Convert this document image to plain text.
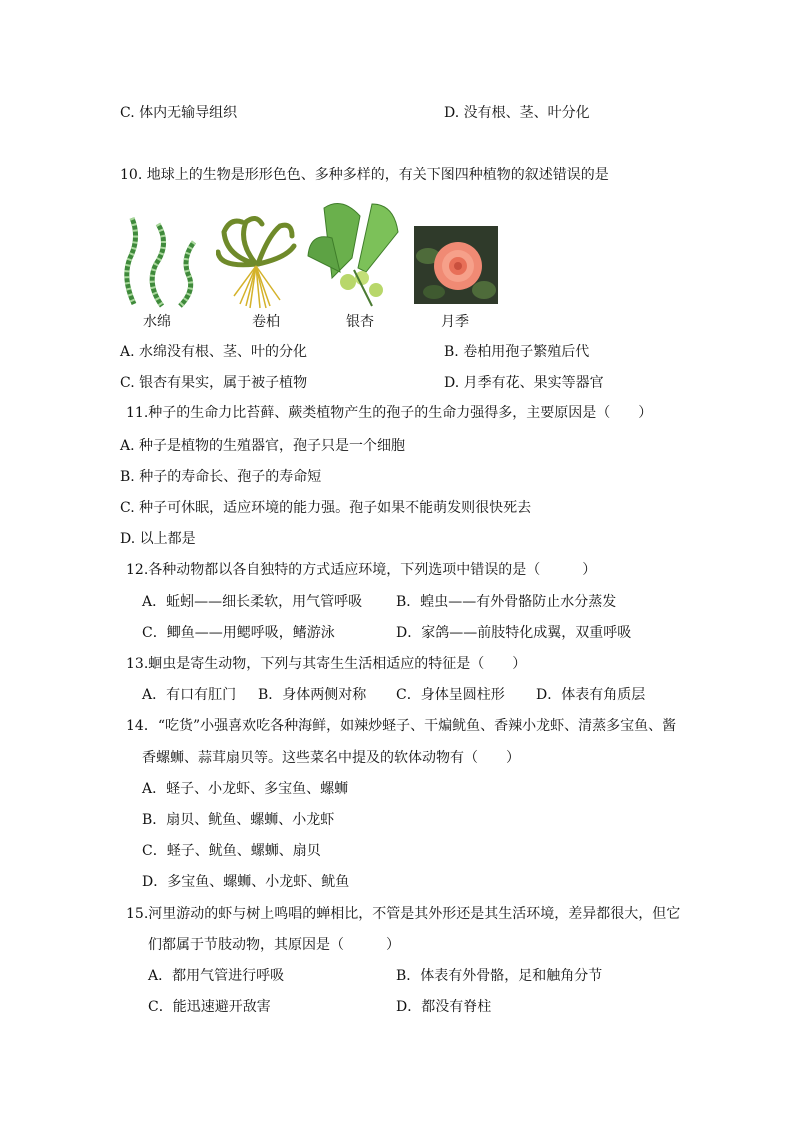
C. 体内无输导组织	D. 没有根、茎、叶分化
10. 地球上的生物是形形色色、多种多样的，有关下图四种植物的叙述错误的是
水绵	卷柏	银杏	月季
A. 水绵没有根、茎、叶的分化	B. 卷柏用孢子繁殖后代
C. 银杏有果实，属于被子植物	D. 月季有花、果实等器官
11.种子的生命力比苔藓、蕨类植物产生的孢子的生命力强得多，主要原因是（　　）
A. 种子是植物的生殖器官，孢子只是一个细胞
B. 种子的寿命长、孢子的寿命短
C. 种子可休眠，适应环境的能力强。孢子如果不能萌发则很快死去
D. 以上都是
12.各种动物都以各自独特的方式适应环境，下列选项中错误的是（　　　）
A．蚯蚓——细长柔软，用气管呼吸 B．蝗虫——有外骨骼防止水分蒸发
C．鲫鱼——用鳃呼吸，鳍游泳	D．家鸽——前肢特化成翼，双重呼吸
13.蛔虫是寄生动物，下列与其寄生生活相适应的特征是（　　）
A．有口有肛门 B．身体两侧对称 C．身体呈圆柱形 D．体表有角质层
14．“吃货”小强喜欢吃各种海鲜，如辣炒蛏子、干煸鱿鱼、香辣小龙虾、清蒸多宝鱼、酱
香螺蛳、蒜茸扇贝等。这些菜名中提及的软体动物有（　　）
A．蛏子、小龙虾、多宝鱼、螺蛳
B．扇贝、鱿鱼、螺蛳、小龙虾
C．蛏子、鱿鱼、螺蛳、扇贝
D．多宝鱼、螺蛳、小龙虾、鱿鱼
15.河里游动的虾与树上鸣唱的蝉相比，不管是其外形还是其生活环境，差异都很大，但它
们都属于节肢动物，其原因是（　　　）
A．都用气管进行呼吸	B．体表有外骨骼，足和触角分节
C．能迅速避开敌害	D．都没有脊柱
